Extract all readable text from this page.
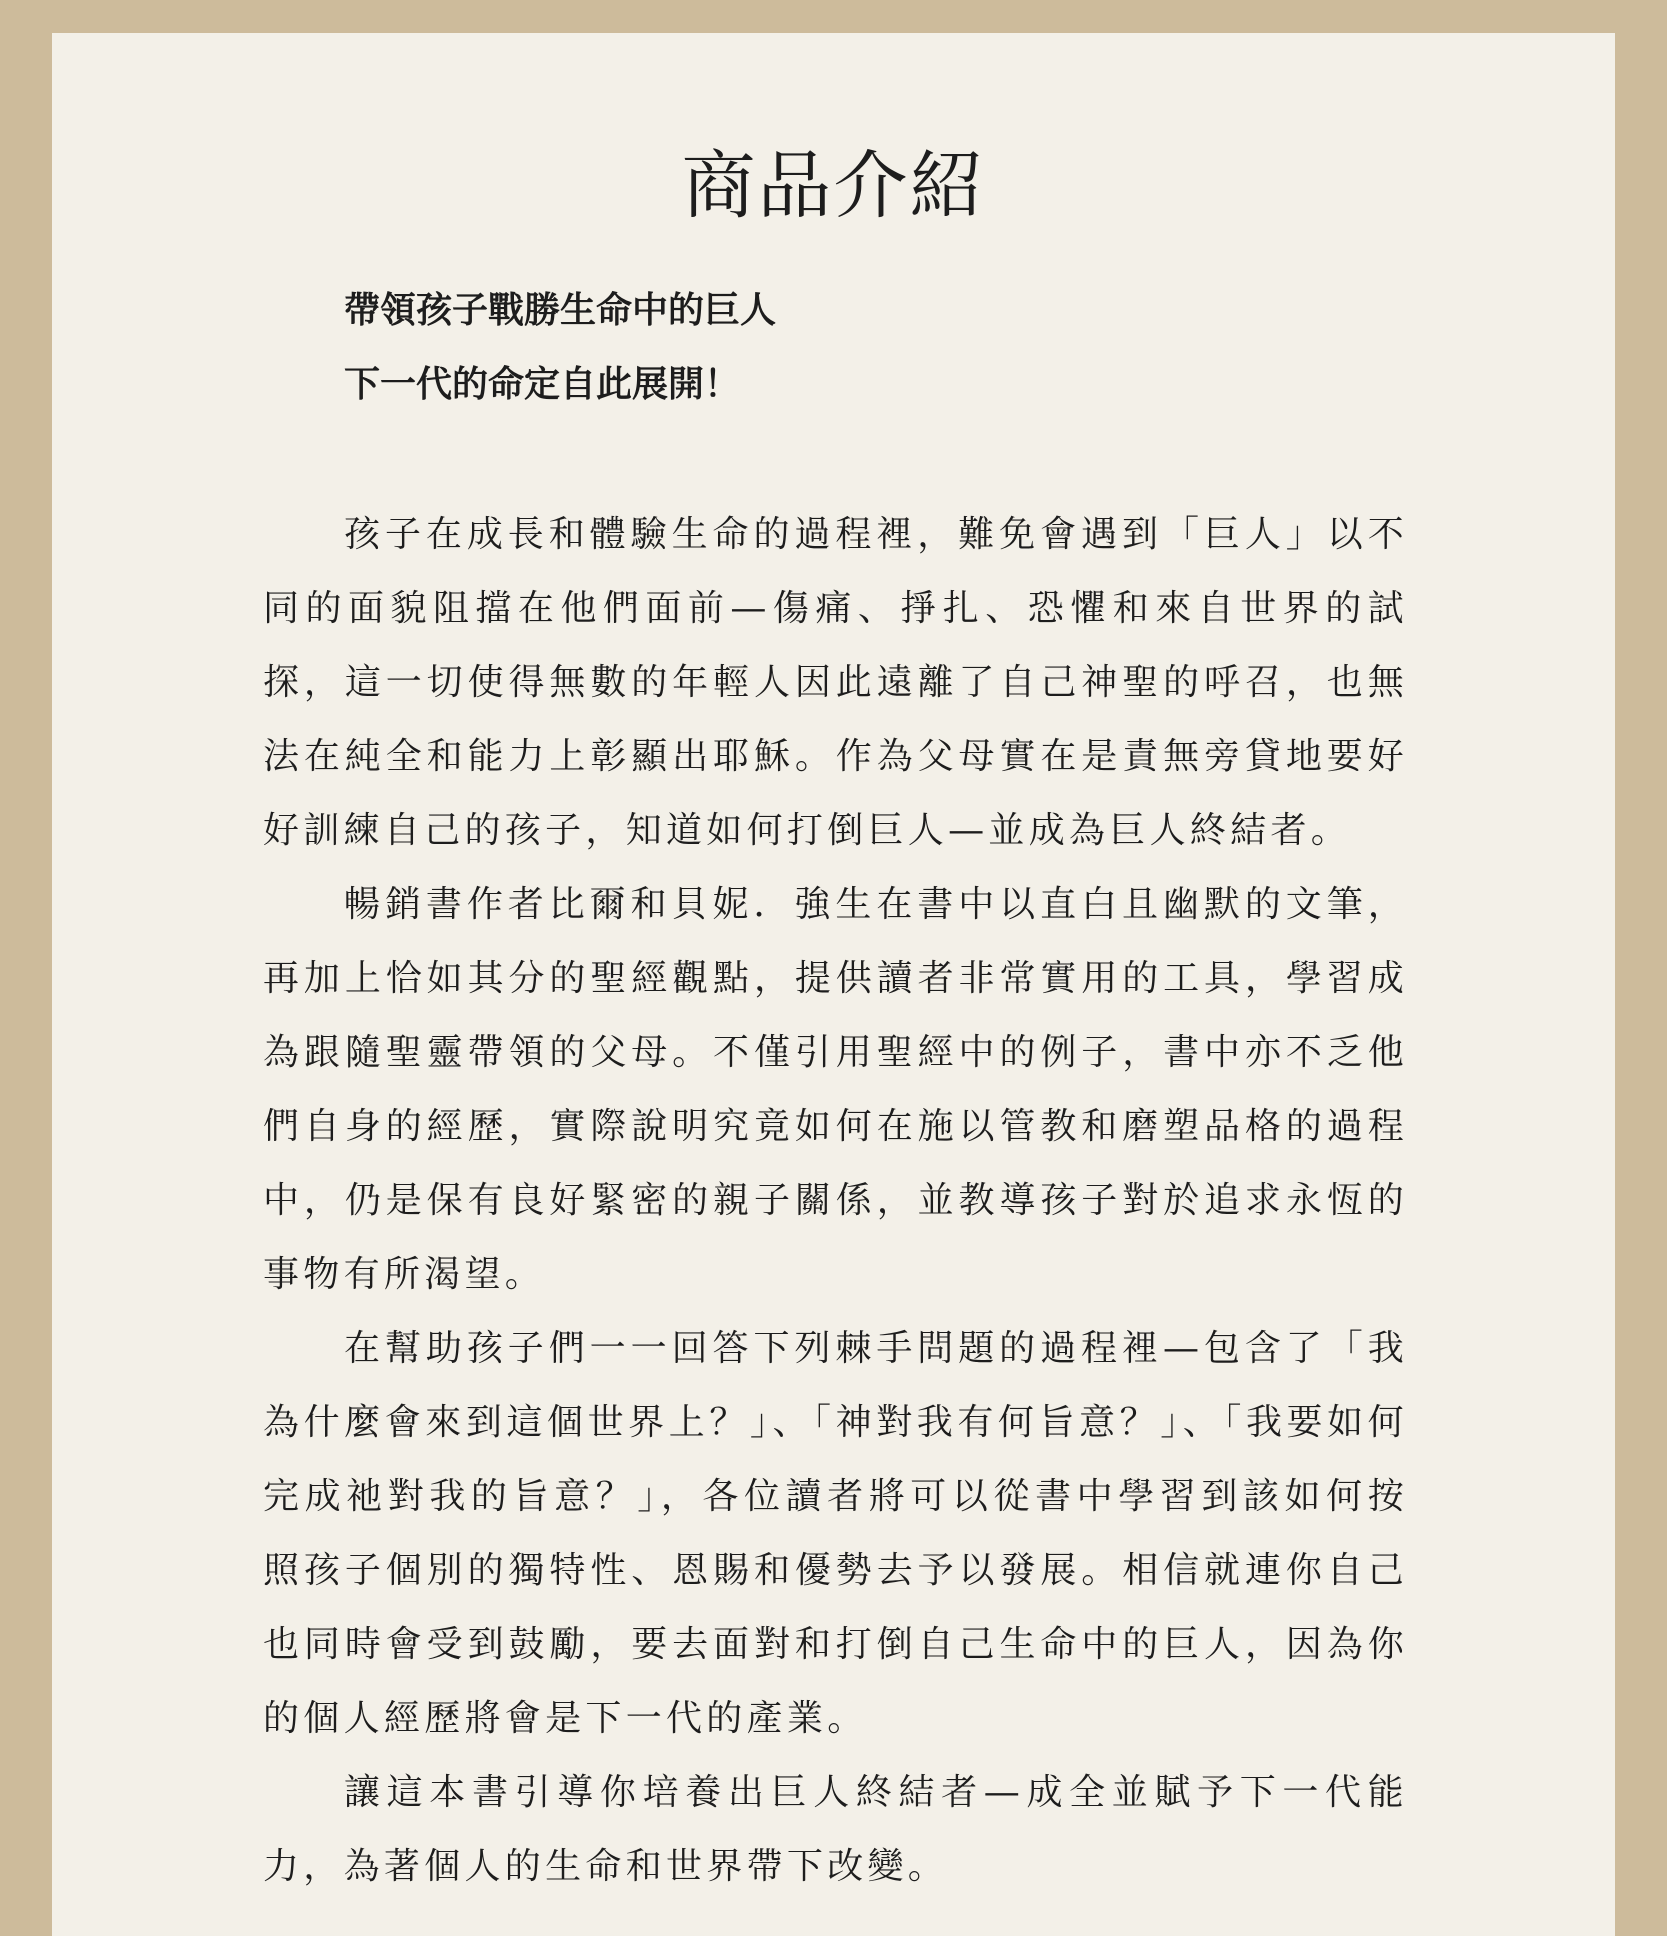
商品介紹

帶領孩子戰勝生命中的巨人

下一代的命定自此展開！

孩子在成長和體驗生命的過程裡，難免會遇到「巨人」以不同的面貌阻擋在他們面前—傷痛、掙扎、恐懼和來自世界的試探，這一切使得無數的年輕人因此遠離了自己神聖的呼召，也無法在純全和能力上彰顯出耶穌。作為父母實在是責無旁貸地要好好訓練自己的孩子，知道如何打倒巨人—並成為巨人終結者。

暢銷書作者比爾和貝妮．強生在書中以直白且幽默的文筆，再加上恰如其分的聖經觀點，提供讀者非常實用的工具，學習成為跟隨聖靈帶領的父母。不僅引用聖經中的例子，書中亦不乏他們自身的經歷，實際說明究竟如何在施以管教和磨塑品格的過程中，仍是保有良好緊密的親子關係，並教導孩子對於追求永恆的事物有所渴望。

在幫助孩子們一一回答下列棘手問題的過程裡—包含了「我為什麼會來到這個世界上？」、「神對我有何旨意？」、「我要如何完成祂對我的旨意？」，各位讀者將可以從書中學習到該如何按照孩子個別的獨特性、恩賜和優勢去予以發展。相信就連你自己也同時會受到鼓勵，要去面對和打倒自己生命中的巨人，因為你的個人經歷將會是下一代的產業。

讓這本書引導你培養出巨人終結者—成全並賦予下一代能力，為著個人的生命和世界帶下改變。
